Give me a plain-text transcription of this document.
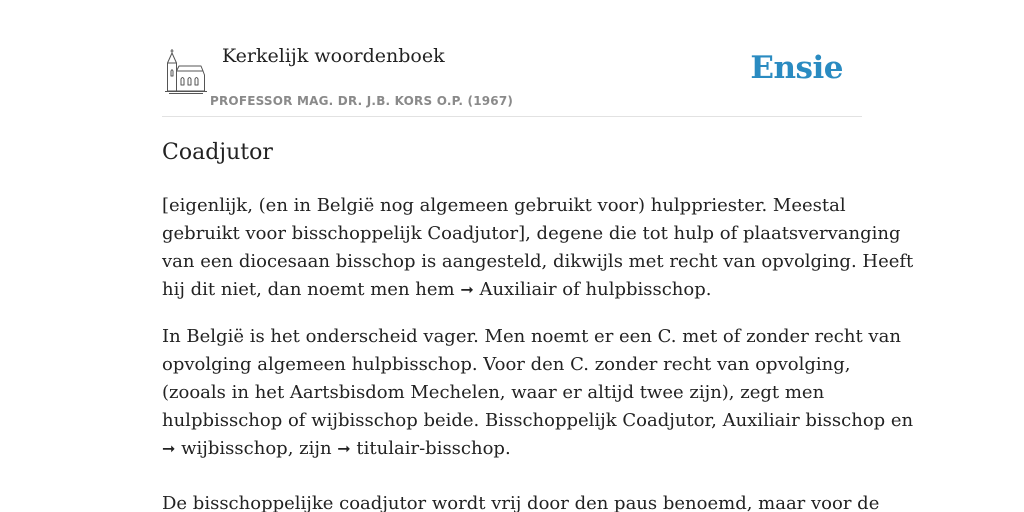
Kerkelijk woordenboek
PROFESSOR MAG. DR. J.B. KORS O.P. (1967)
Ensie
Coadjutor
[eigenlijk, (en in België nog algemeen gebruikt voor) hulppriester. Meestal
gebruikt voor bisschoppelijk Coadjutor], degene die tot hulp of plaatsvervanging
van een diocesaan bisschop is aangesteld, dikwijls met recht van opvolging. Heeft
hij dit niet, dan noemt men hem ➞ Auxiliair of hulpbisschop.
In België is het onderscheid vager. Men noemt er een C. met of zonder recht van
opvolging algemeen hulpbisschop. Voor den C. zonder recht van opvolging,
(zooals in het Aartsbisdom Mechelen, waar er altijd twee zijn), zegt men
hulpbisschop of wijbisschop beide. Bisschoppelijk Coadjutor, Auxiliair bisschop en
➞ wijbisschop, zijn ➞ titulair-bisschop.
De bisschoppelijke coadjutor wordt vrij door den paus benoemd, maar voor de
